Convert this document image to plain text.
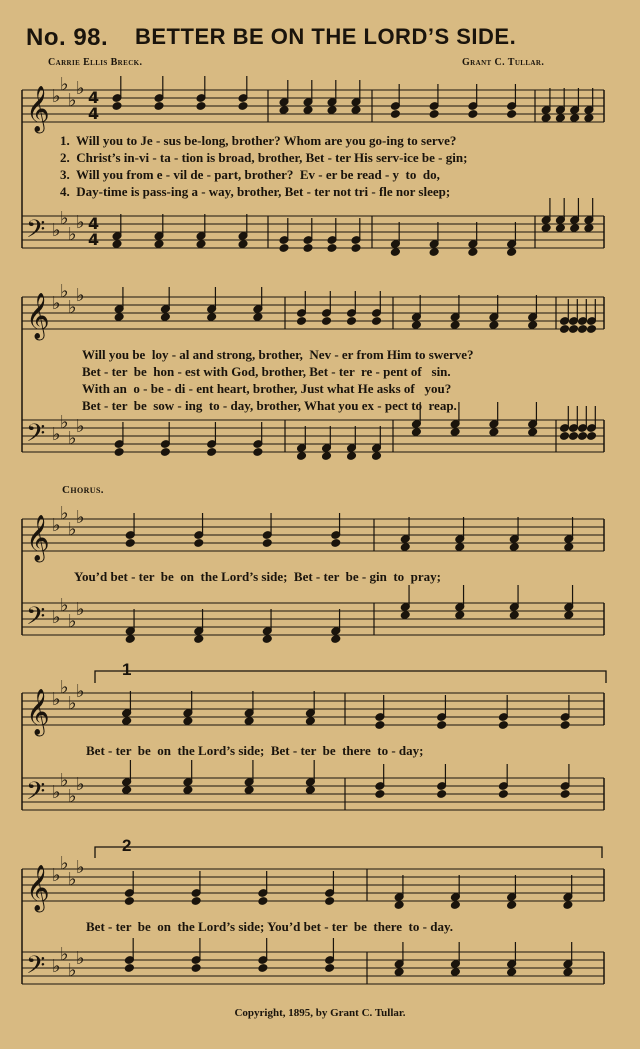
No. 98. BETTER BE ON THE LORD’S SIDE.
Carrie Ellis Breck.	Grant C. Tullar.
𝄞
𝄢
♭
♭
♭
♭
♭
♭
♭
♭
𝄞
𝄢
♭
♭
♭
♭
♭
♭
♭
♭
𝄞
𝄢
♭
♭
♭
♭
♭
♭
♭
♭
𝄞
𝄢
♭
♭
♭
♭
♭
♭
♭
♭
𝄞
𝄢
♭
♭
♭
♭
♭
♭
♭
♭
4
4
4
4
1.  Will you to Je - sus be-long, brother? Whom are you go-ing to serve?
2.  Christ’s in-vi - ta - tion is broad, brother, Bet - ter His serv-ice be - gin;
3.  Will you from e - vil de - part, brother?  Ev - er be read - y  to  do,
4.  Day-time is pass-ing a - way, brother, Bet - ter not tri - fle nor sleep;
Will you be  loy - al and strong, brother,  Nev - er from Him to swerve?
Bet - ter  be  hon - est with God, brother, Bet - ter  re - pent of   sin.
With an  o - be - di - ent heart, brother, Just what He asks of   you?
Bet - ter  be  sow - ing  to - day, brother, What you ex - pect to  reap.
Chorus.
You’d bet - ter  be  on  the Lord’s side;  Bet - ter  be - gin  to  pray;
Bet - ter  be  on  the Lord’s side;  Bet - ter  be  there  to - day;
Bet - ter  be  on  the Lord’s side; You’d bet - ter  be  there  to - day.
1
2
Copyright, 1895, by Grant C. Tullar.
